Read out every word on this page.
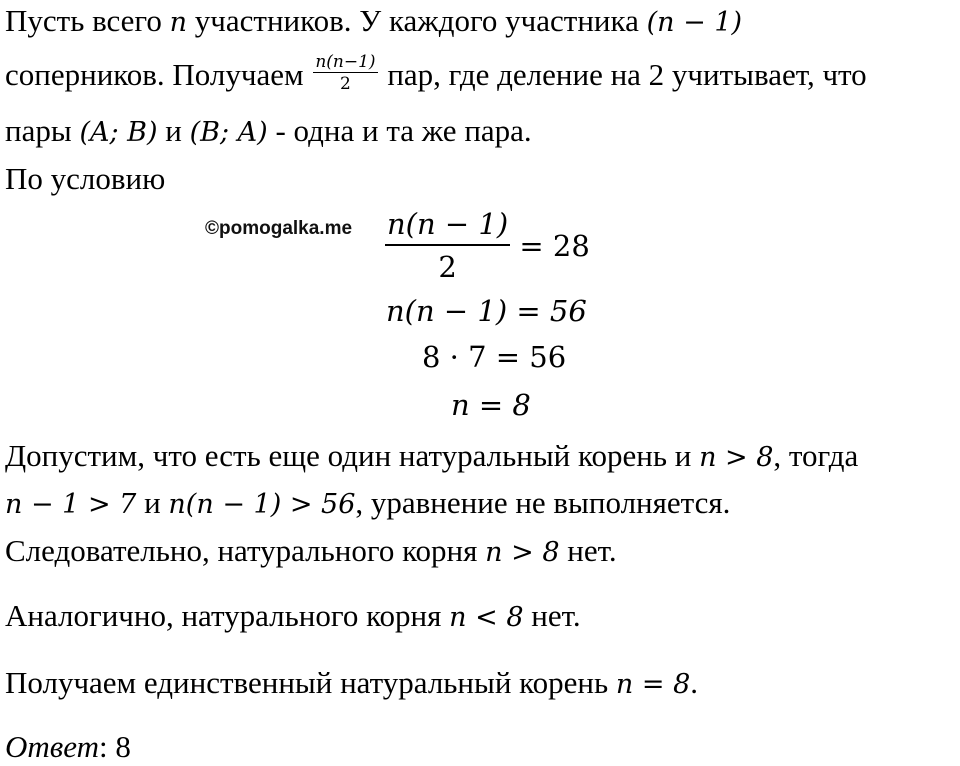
Пусть всего n участников. У каждого участника (n − 1)
соперников. Получаем $\frac{n(n-1)}{2}$ пар, где деление на 2 учитывает, что
пары (A; B) и (B; A) - одна и та же пара.
По условию
©pomogalka.me $\frac{n(n - 1)}{2} = 28$
n(n − 1) = 56
8 · 7 = 56
n = 8
Допустим, что есть еще один натуральный корень и n > 8, тогда
n − 1 > 7 и n(n − 1) > 56, уравнение не выполняется.
Следовательно, натурального корня n > 8 нет.
Аналогично, натурального корня n < 8 нет.
Получаем единственный натуральный корень n = 8.
Ответ: 8
